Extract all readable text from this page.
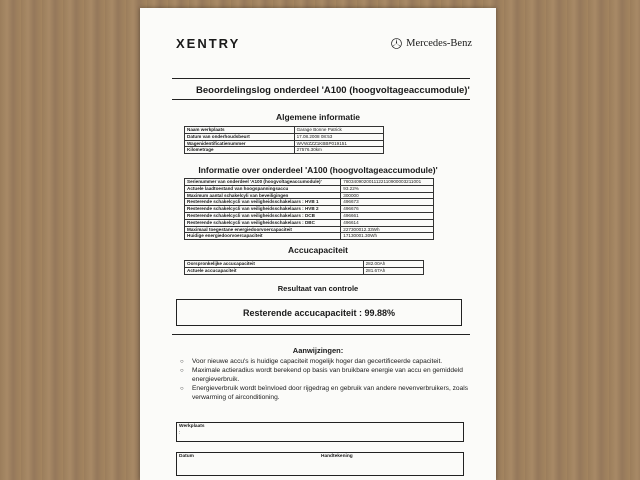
XENTRY	Mercedes-Benz
Beoordelingslog onderdeel 'A100 (hoogvoltageaccumodule)'
Algemene informatie
Naam werkplaats	Garage Bonne Patrick
Datum van onderhoudsbeurt	17.08.2008 08:53
Wagenidentificatienummer	WVWZZZ1KBBP019151
Kilometrage	27576.30km
Informatie over onderdeel 'A100 (hoogvoltageaccumodule)'
Serienummer van onderdeel 'A100 (hoogvoltageaccumodule)'	7803409020011122110900003211001
Actuele laadtoestand van hoogspanningsaccu	93.22%
Maximum aantal schakelcyli van beveiligingen	300000
Resterende schakelcycli van veiligheidsschakelaars : HVB 1	496673
Resterende schakelcycli van veiligheidsschakelaars : HVB 2	496676
Resterende schakelcycli van veiligheidsschakelaars : DCB	496661
Resterende schakelcycli van veiligheidsschakelaars : DBC	496614
Maximaal toegestane energiedoorvoercapaciteit	227300012.33Wh
Huidige energiedoorvoercapaciteit	17130001.30Wh
Accucapaciteit
Oorspronkelijke accucapaciteit	282.00Ah
Actuele accucapaciteit	281.67Ah
Resultaat van controle
Resterende accucapaciteit : 99.88%
Aanwijzingen:
○ Voor nieuwe accu's is huidige capaciteit mogelijk hoger dan gecertificeerde capaciteit.
○ Maximale actieradius wordt berekend op basis van bruikbare energie van accu en gemiddeld energieverbruik.
○ Energieverbruik wordt beïnvloed door rijgedrag en gebruik van andere nevenverbruikers, zoals verwarming of airconditioning.
Werkplaats
:
Datum	Handtekening
